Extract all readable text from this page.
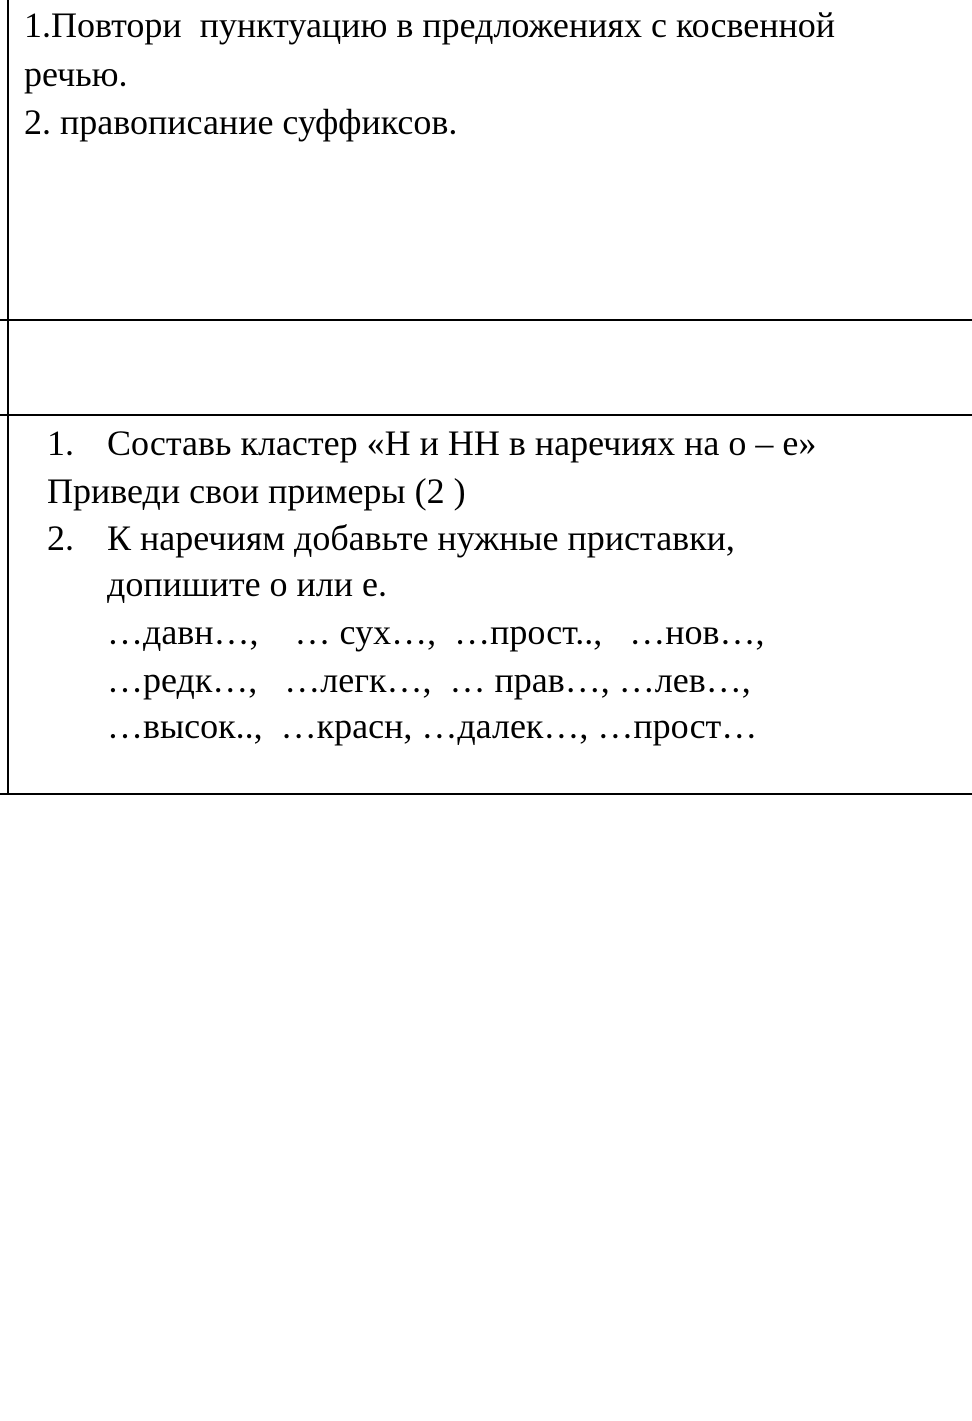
1.Повтори  пунктуацию в предложениях с косвенной

речью.

2. правописание суффиксов.

1.

Составь кластер «Н и НН в наречиях на о – е»

Приведи свои примеры (2 )

2.

К наречиям добавьте нужные приставки,

допишите о или е.

…давн…,    … сух…,  …прост..,   …нов…,

…редк…,   …легк…,  … прав…, …лев…,

…высок..,  …красн, …далек…, …прост…
